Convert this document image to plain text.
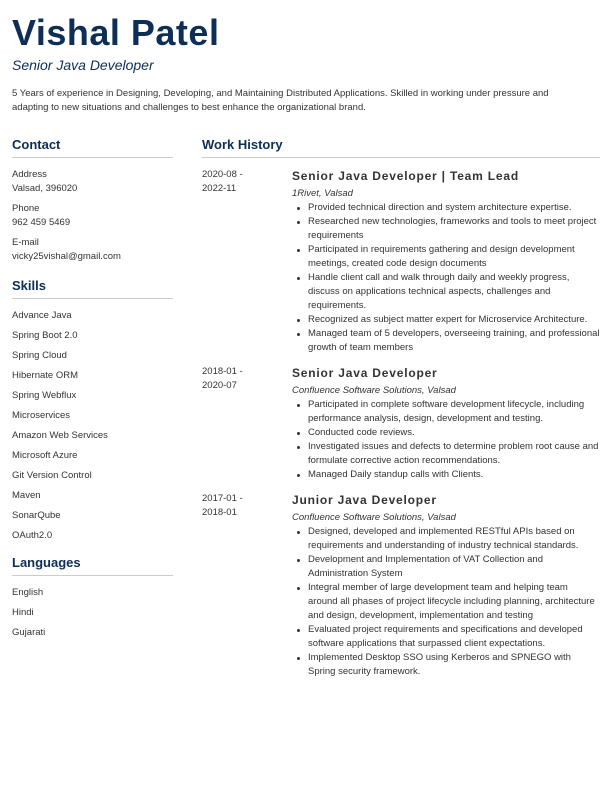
Vishal Patel
Senior Java Developer
5 Years of experience in Designing, Developing, and Maintaining Distributed Applications. Skilled in working under pressure and adapting to new situations and challenges to best enhance the organizational brand.
Contact
Address
Valsad, 396020
Phone
962 459 5469
E-mail
vicky25vishal@gmail.com
Skills
Advance Java
Spring Boot 2.0
Spring Cloud
Hibernate ORM
Spring Webflux
Microservices
Amazon Web Services
Microsoft Azure
Git Version Control
Maven
SonarQube
OAuth2.0
Languages
English
Hindi
Gujarati
Work History
2020-08 -
2022-11
Senior Java Developer | Team Lead
1Rivet, Valsad
Provided technical direction and system architecture expertise.
Researched new technologies, frameworks and tools to meet project requirements
Participated in requirements gathering and design development meetings, created code design documents
Handle client call and walk through daily and weekly progress, discuss on applications technical aspects, challenges and requirements.
Recognized as subject matter expert for Microservice Architecture.
Managed team of 5 developers, overseeing training, and professional growth of team members
2018-01 -
2020-07
Senior Java Developer
Confluence Software Solutions, Valsad
Participated in complete software development lifecycle, including performance analysis, design, development and testing.
Conducted code reviews.
Investigated issues and defects to determine problem root cause and formulate corrective action recommendations.
Managed Daily standup calls with Clients.
2017-01 -
2018-01
Junior Java Developer
Confluence Software Solutions, Valsad
Designed, developed and implemented RESTful APIs based on requirements and understanding of industry technical standards.
Development and Implementation of VAT Collection and Administration System
Integral member of large development team and helping team around all phases of project lifecycle including planning, architecture and design, development, implementation and testing
Evaluated project requirements and specifications and developed software applications that surpassed client expectations.
Implemented Desktop SSO using Kerberos and SPNEGO with Spring security framework.
